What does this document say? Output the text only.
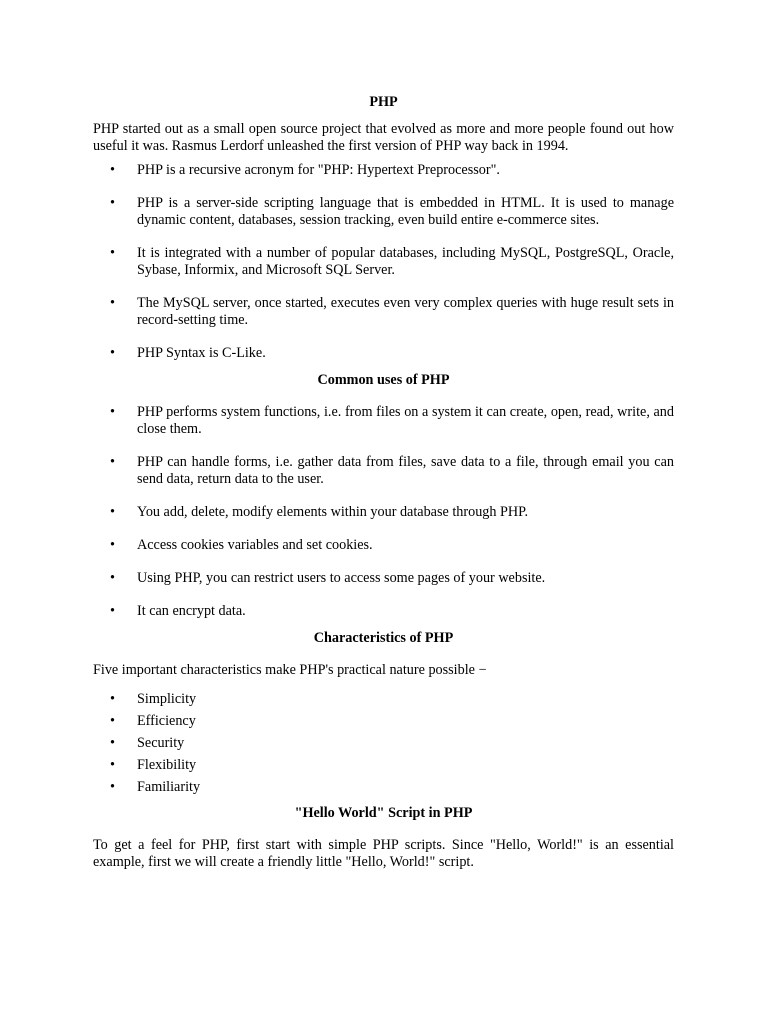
PHP

PHP started out as a small open source project that evolved as more and more people found out how useful it was. Rasmus Lerdorf unleashed the first version of PHP way back in 1994.

• PHP is a recursive acronym for "PHP: Hypertext Preprocessor".
• PHP is a server-side scripting language that is embedded in HTML. It is used to manage dynamic content, databases, session tracking, even build entire e-commerce sites.
• It is integrated with a number of popular databases, including MySQL, PostgreSQL, Oracle, Sybase, Informix, and Microsoft SQL Server.
• The MySQL server, once started, executes even very complex queries with huge result sets in record-setting time.
• PHP Syntax is C-Like.
Common uses of PHP
• PHP performs system functions, i.e. from files on a system it can create, open, read, write, and close them.
• PHP can handle forms, i.e. gather data from files, save data to a file, through email you can send data, return data to the user.
• You add, delete, modify elements within your database through PHP.
• Access cookies variables and set cookies.
• Using PHP, you can restrict users to access some pages of your website.
• It can encrypt data.
Characteristics of PHP

Five important characteristics make PHP's practical nature possible −

• Simplicity
• Efficiency
• Security
• Flexibility
• Familiarity
"Hello World" Script in PHP

To get a feel for PHP, first start with simple PHP scripts. Since "Hello, World!" is an essential example, first we will create a friendly little "Hello, World!" script.
